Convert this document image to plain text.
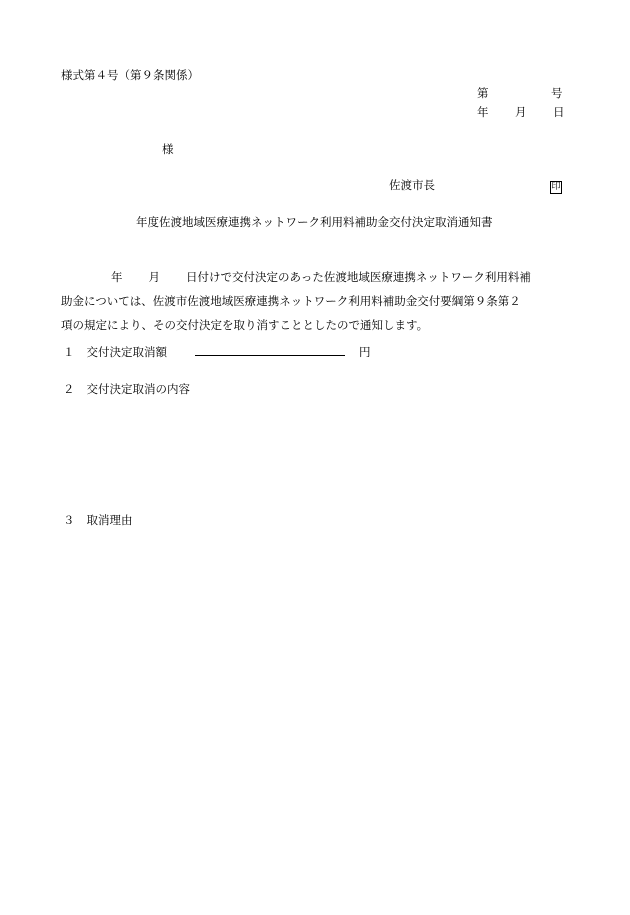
様式第４号（第９条関係）
第	号
年 月 日
様
佐渡市長	印
年度佐渡地域医療連携ネットワーク利用料補助金交付決定取消通知書
年 月 日付けで交付決定のあった佐渡地域医療連携ネットワーク利用料補
助金については、佐渡市佐渡地域医療連携ネットワーク利用料補助金交付要綱第９条第２
項の規定により、その交付決定を取り消すこととしたので通知します。
１ 交付決定取消額	円
２ 交付決定取消の内容
３ 取消理由
